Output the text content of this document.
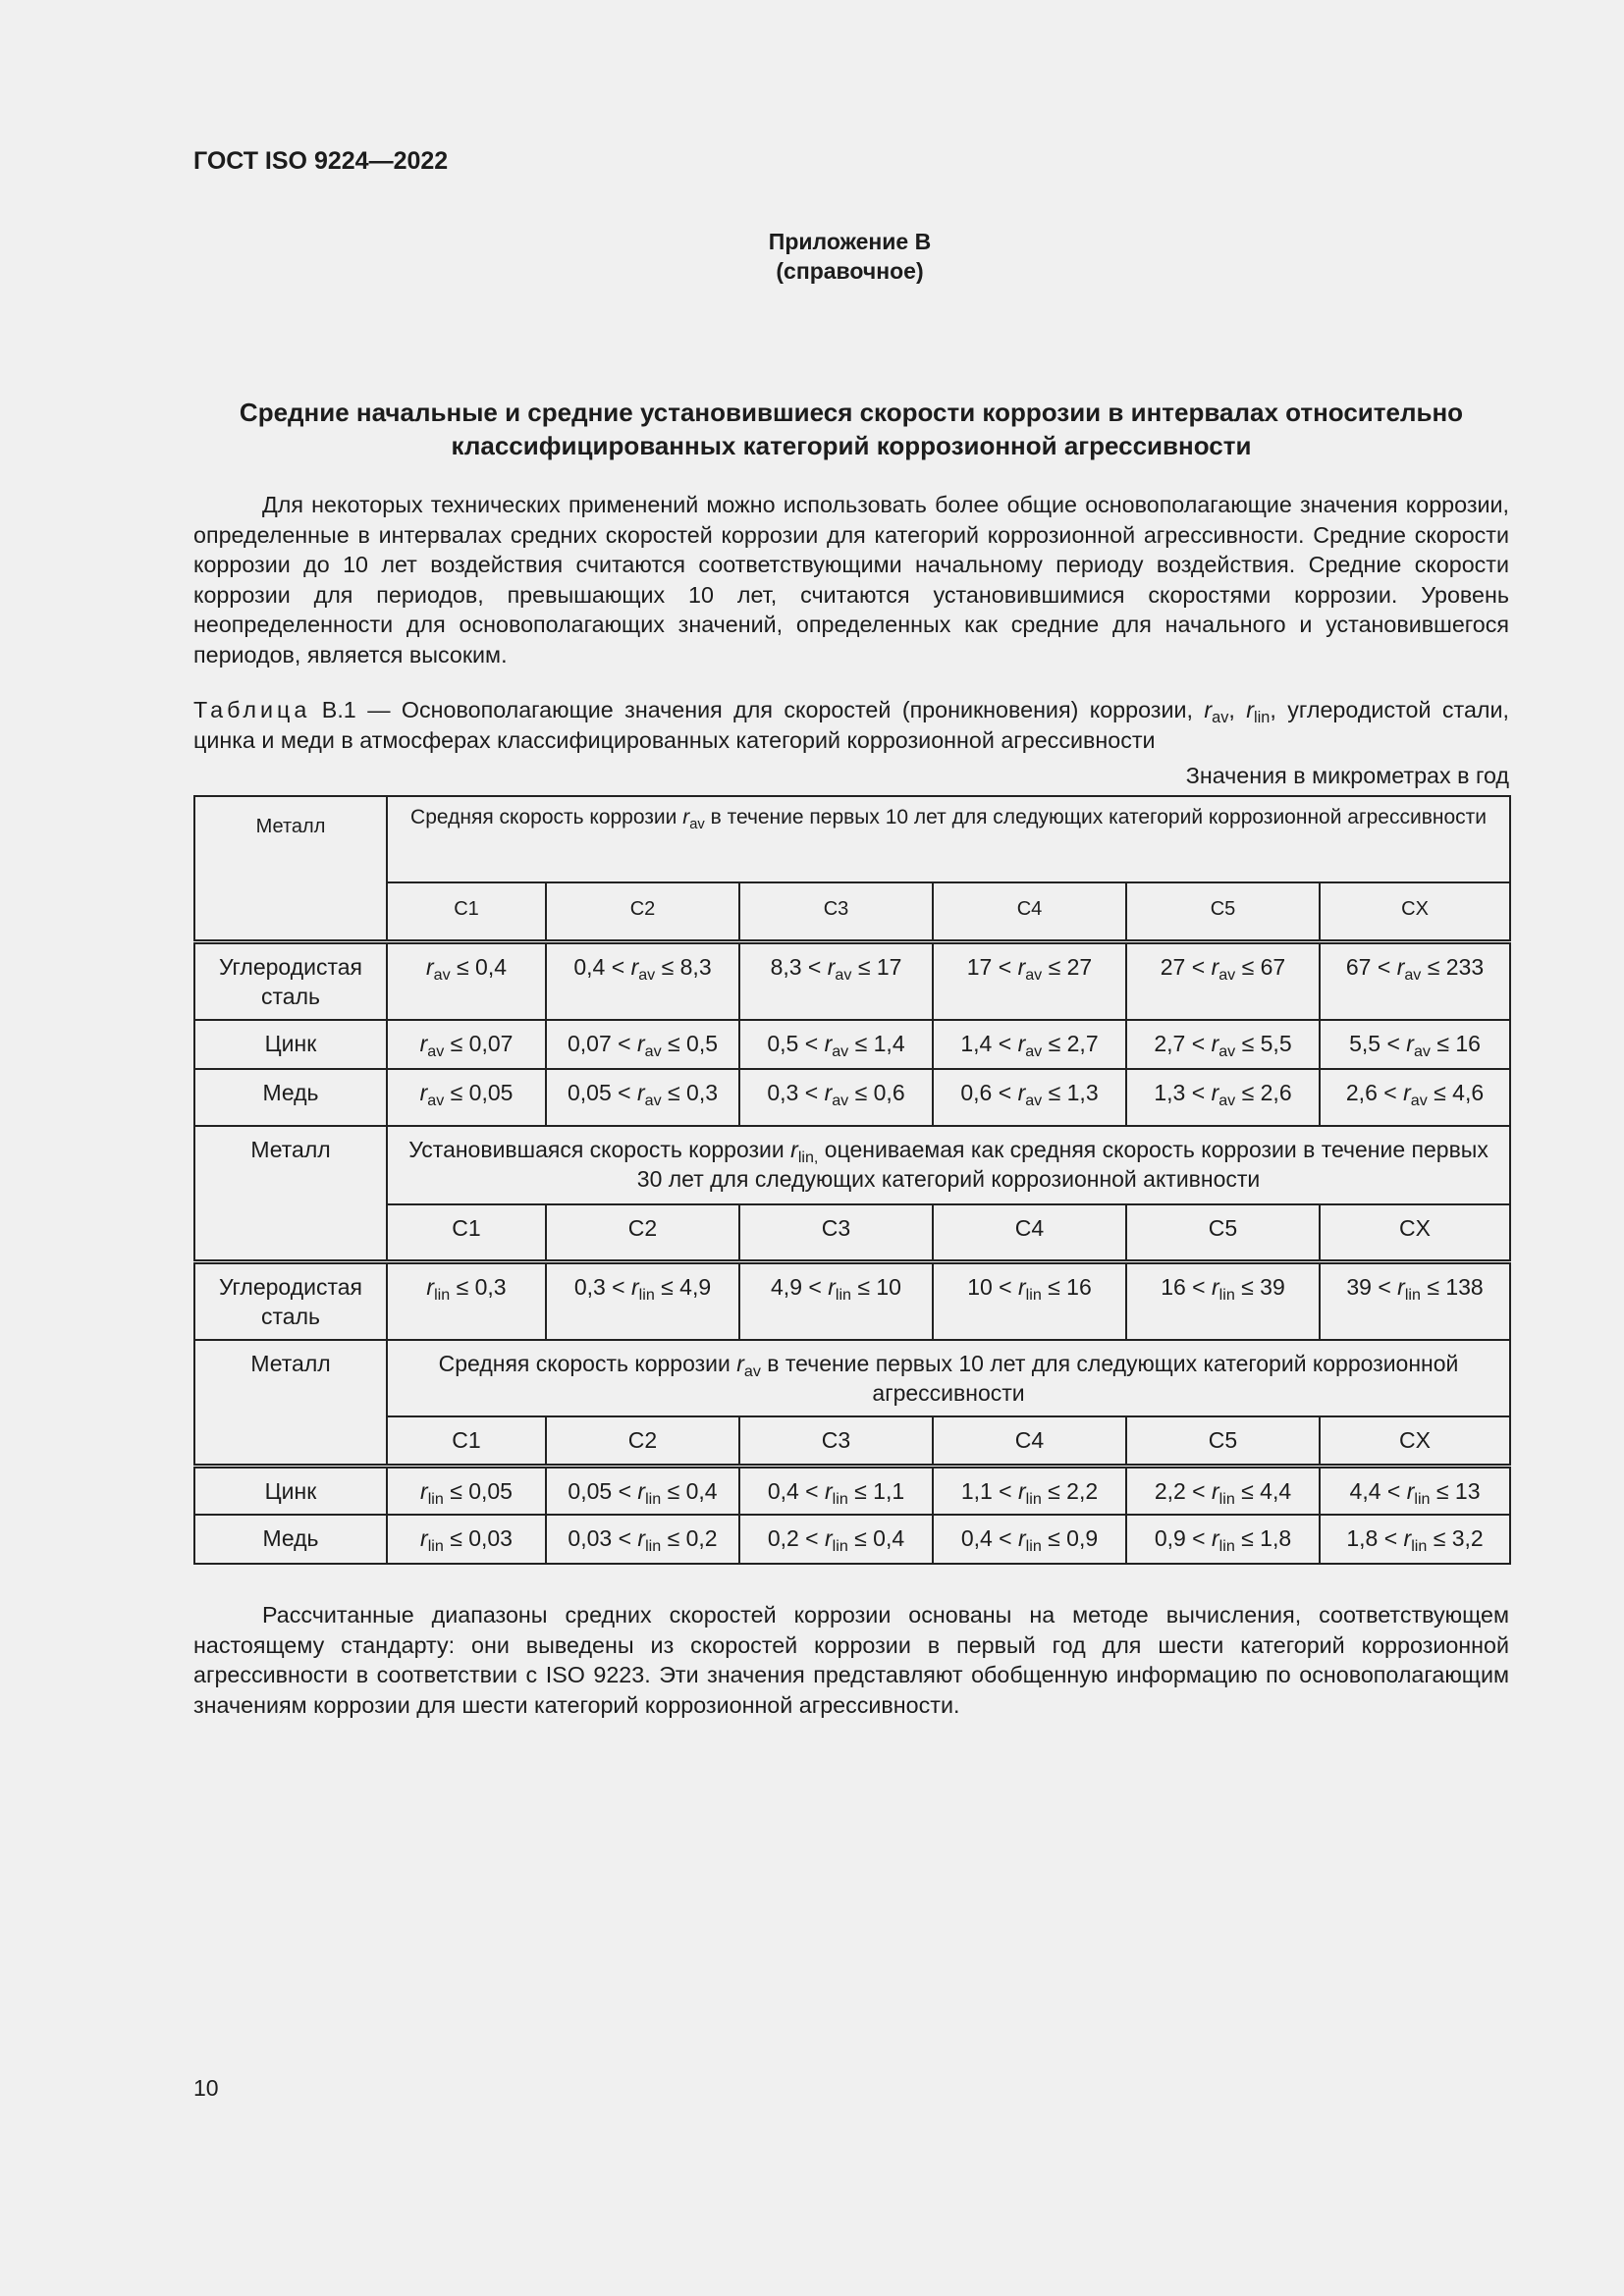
ГОСТ ISO 9224—2022
Приложение В
(справочное)
Средние начальные и средние установившиеся скорости коррозии в интервалах относительно классифицированных категорий коррозионной агрессивности

Для некоторых технических применений можно использовать более общие основополагающие значения коррозии, определенные в интервалах средних скоростей коррозии для категорий коррозионной агрессивности. Средние скорости коррозии до 10 лет воздействия считаются соответствующими начальному периоду воздействия. Средние скорости коррозии для периодов, превышающих 10 лет, считаются установившимися скоростями коррозии. Уровень неопределенности для основополагающих значений, определенных как средние для начального и установившегося периодов, является высоким.

Таблица В.1 — Основополагающие значения для скоростей (проникновения) коррозии, $r_{av}$, $r_{lin}$, углеродистой стали, цинка и меди в атмосферах классифицированных категорий коррозионной агрессивности

Значения в микрометрах в год
Металл	Средняя скорость коррозии $r_{av}$ в течение первых 10 лет для следующих категорий коррозионной агрессивности					
	C1	C2	C3	C4	C5	CX
Углеродистая сталь	$r_{av} \le 0,4$	$0,4 < r_{av} \le 8,3$	$8,3 < r_{av} \le 17$	$17 < r_{av} \le 27$	$27 < r_{av} \le 67$	$67 < r_{av} \le 233$
Цинк	$r_{av} \le 0,07$	$0,07 < r_{av} \le 0,5$	$0,5 < r_{av} \le 1,4$	$1,4 < r_{av} \le 2,7$	$2,7 < r_{av} \le 5,5$	$5,5 < r_{av} \le 16$
Медь	$r_{av} \le 0,05$	$0,05 < r_{av} \le 0,3$	$0,3 < r_{av} \le 0,6$	$0,6 < r_{av} \le 1,3$	$1,3 < r_{av} \le 2,6$	$2,6 < r_{av} \le 4,6$
Металл	Установившаяся скорость коррозии $r_{lin,}$ оцениваемая как средняя скорость коррозии в течение первых 30 лет для следующих категорий коррозионной активности					
	C1	C2	C3	C4	C5	CX
Углеродистая сталь	$r_{lin} \le 0,3$	$0,3 < r_{lin} \le 4,9$	$4,9 < r_{lin} \le 10$	$10 < r_{lin} \le 16$	$16 < r_{lin} \le 39$	$39 < r_{lin} \le 138$
Металл	Средняя скорость коррозии $r_{av}$ в течение первых 10 лет для следующих категорий коррозионной агрессивности					
	C1	C2	C3	C4	C5	CX
Цинк	$r_{lin} \le 0,05$	$0,05 < r_{lin} \le 0,4$	$0,4 < r_{lin} \le 1,1$	$1,1 < r_{lin} \le 2,2$	$2,2 < r_{lin} \le 4,4$	$4,4 < r_{lin} \le 13$
Медь	$r_{lin} \le 0,03$	$0,03 < r_{lin} \le 0,2$	$0,2 < r_{lin} \le 0,4$	$0,4 < r_{lin} \le 0,9$	$0,9 < r_{lin} \le 1,8$	$1,8 < r_{lin} \le 3,2$

Рассчитанные диапазоны средних скоростей коррозии основаны на методе вычисления, соответствующем настоящему стандарту: они выведены из скоростей коррозии в первый год для шести категорий коррозионной агрессивности в соответствии с ISO 9223. Эти значения представляют обобщенную информацию по основополагающим значениям коррозии для шести категорий коррозионной агрессивности.

10
